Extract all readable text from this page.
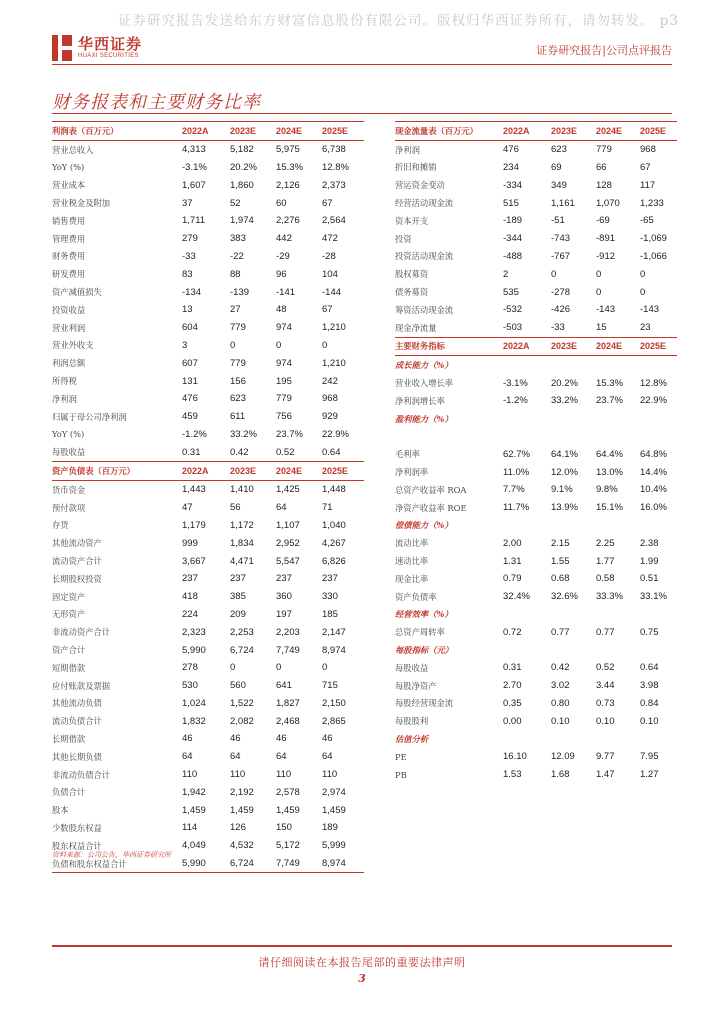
证券研究报告发送给东方财富信息股份有限公司。版权归华西证券所有，请勿转发。 p3
华西证券
HUAXI SECURITIES	证券研究报告|公司点评报告
财务报表和主要财务比率
利润表（百万元）	2022A	2023E	2024E	2025E
营业总收入	4,313	5,182	5,975	6,738
YoY (%)	-3.1%	20.2%	15.3%	12.8%
营业成本	1,607	1,860	2,126	2,373
营业税金及附加	37	52	60	67
销售费用	1,711	1,974	2,276	2,564
管理费用	279	383	442	472
财务费用	-33	-22	-29	-28
研发费用	83	88	96	104
资产减值损失	-134	-139	-141	-144
投资收益	13	27	48	67
营业利润	604	779	974	1,210
营业外收支	3	0	0	0
利润总额	607	779	974	1,210
所得税	131	156	195	242
净利润	476	623	779	968
归属于母公司净利润	459	611	756	929
YoY (%)	-1.2%	33.2%	23.7%	22.9%
每股收益	0.31	0.42	0.52	0.64
资产负债表（百万元）	2022A	2023E	2024E	2025E
货币资金	1,443	1,410	1,425	1,448
预付款项	47	56	64	71
存货	1,179	1,172	1,107	1,040
其他流动资产	999	1,834	2,952	4,267
流动资产合计	3,667	4,471	5,547	6,826
长期股权投资	237	237	237	237
固定资产	418	385	360	330
无形资产	224	209	197	185
非流动资产合计	2,323	2,253	2,203	2,147
资产合计	5,990	6,724	7,749	8,974
短期借款	278	0	0	0
应付账款及票据	530	560	641	715
其他流动负债	1,024	1,522	1,827	2,150
流动负债合计	1,832	2,082	2,468	2,865
长期借款	46	46	46	46
其他长期负债	64	64	64	64
非流动负债合计	110	110	110	110
负债合计	1,942	2,192	2,578	2,974
股本	1,459	1,459	1,459	1,459
少数股东权益	114	126	150	189
股东权益合计	4,049	4,532	5,172	5,999
负债和股东权益合计	5,990	6,724	7,749	8,974
现金流量表（百万元）	2022A	2023E	2024E	2025E
净利润	476	623	779	968
折旧和摊销	234	69	66	67
营运资金变动	-334	349	128	117
经营活动现金流	515	1,161	1,070	1,233
资本开支	-189	-51	-69	-65
投资	-344	-743	-891	-1,069
投资活动现金流	-488	-767	-912	-1,066
股权募资	2	0	0	0
债务募资	535	-278	0	0
筹资活动现金流	-532	-426	-143	-143
现金净流量	-503	-33	15	23
主要财务指标	2022A	2023E	2024E	2025E
成长能力（%）				
营业收入增长率	-3.1%	20.2%	15.3%	12.8%
净利润增长率	-1.2%	33.2%	23.7%	22.9%
盈利能力（%）				

毛利率	62.7%	64.1%	64.4%	64.8%
净利润率	11.0%	12.0%	13.0%	14.4%
总资产收益率 ROA	7.7%	9.1%	9.8%	10.4%
净资产收益率 ROE	11.7%	13.9%	15.1%	16.0%
偿债能力（%）				
流动比率	2.00	2.15	2.25	2.38
速动比率	1.31	1.55	1.77	1.99
现金比率	0.79	0.68	0.58	0.51
资产负债率	32.4%	32.6%	33.3%	33.1%
经营效率（%）				
总资产周转率	0.72	0.77	0.77	0.75
每股指标（元）				
每股收益	0.31	0.42	0.52	0.64
每股净资产	2.70	3.02	3.44	3.98
每股经营现金流	0.35	0.80	0.73	0.84
每股股利	0.00	0.10	0.10	0.10
估值分析				
PE	16.10	12.09	9.77	7.95
PB	1.53	1.68	1.47	1.27
资料来源：公司公告，华西证券研究所
请仔细阅读在本报告尾部的重要法律声明
3
